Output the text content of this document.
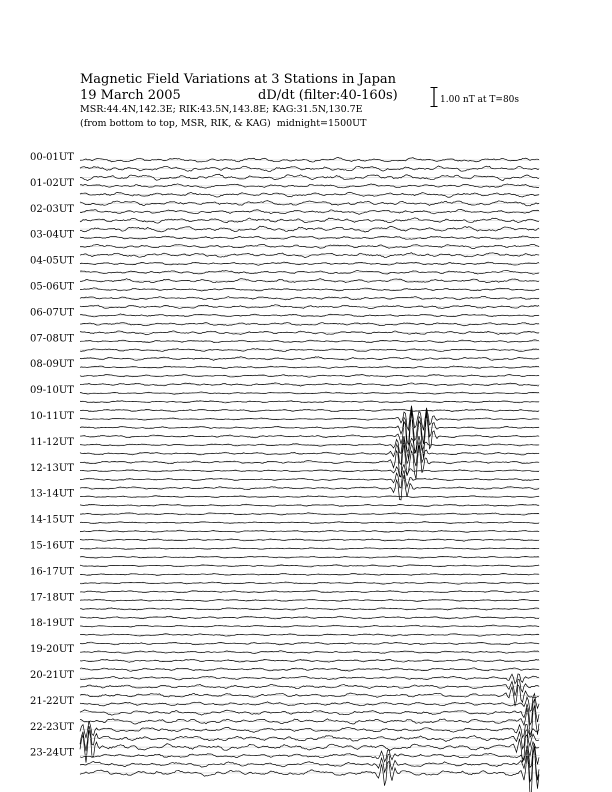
Magnetic Field Variations at 3 Stations in Japan
19 March 2005	dD/dt (filter:40-160s)
MSR:44.4N,142.3E; RIK:43.5N,143.8E; KAG:31.5N,130.7E
(from bottom to top, MSR, RIK, & KAG) midnight=1500UT
1.00 nT at T=80s
00-01UT
01-02UT
02-03UT
03-04UT
04-05UT
05-06UT
06-07UT
07-08UT
08-09UT
09-10UT
10-11UT
11-12UT
12-13UT
13-14UT
14-15UT
15-16UT
16-17UT
17-18UT
18-19UT
19-20UT
20-21UT
21-22UT
22-23UT
23-24UT
